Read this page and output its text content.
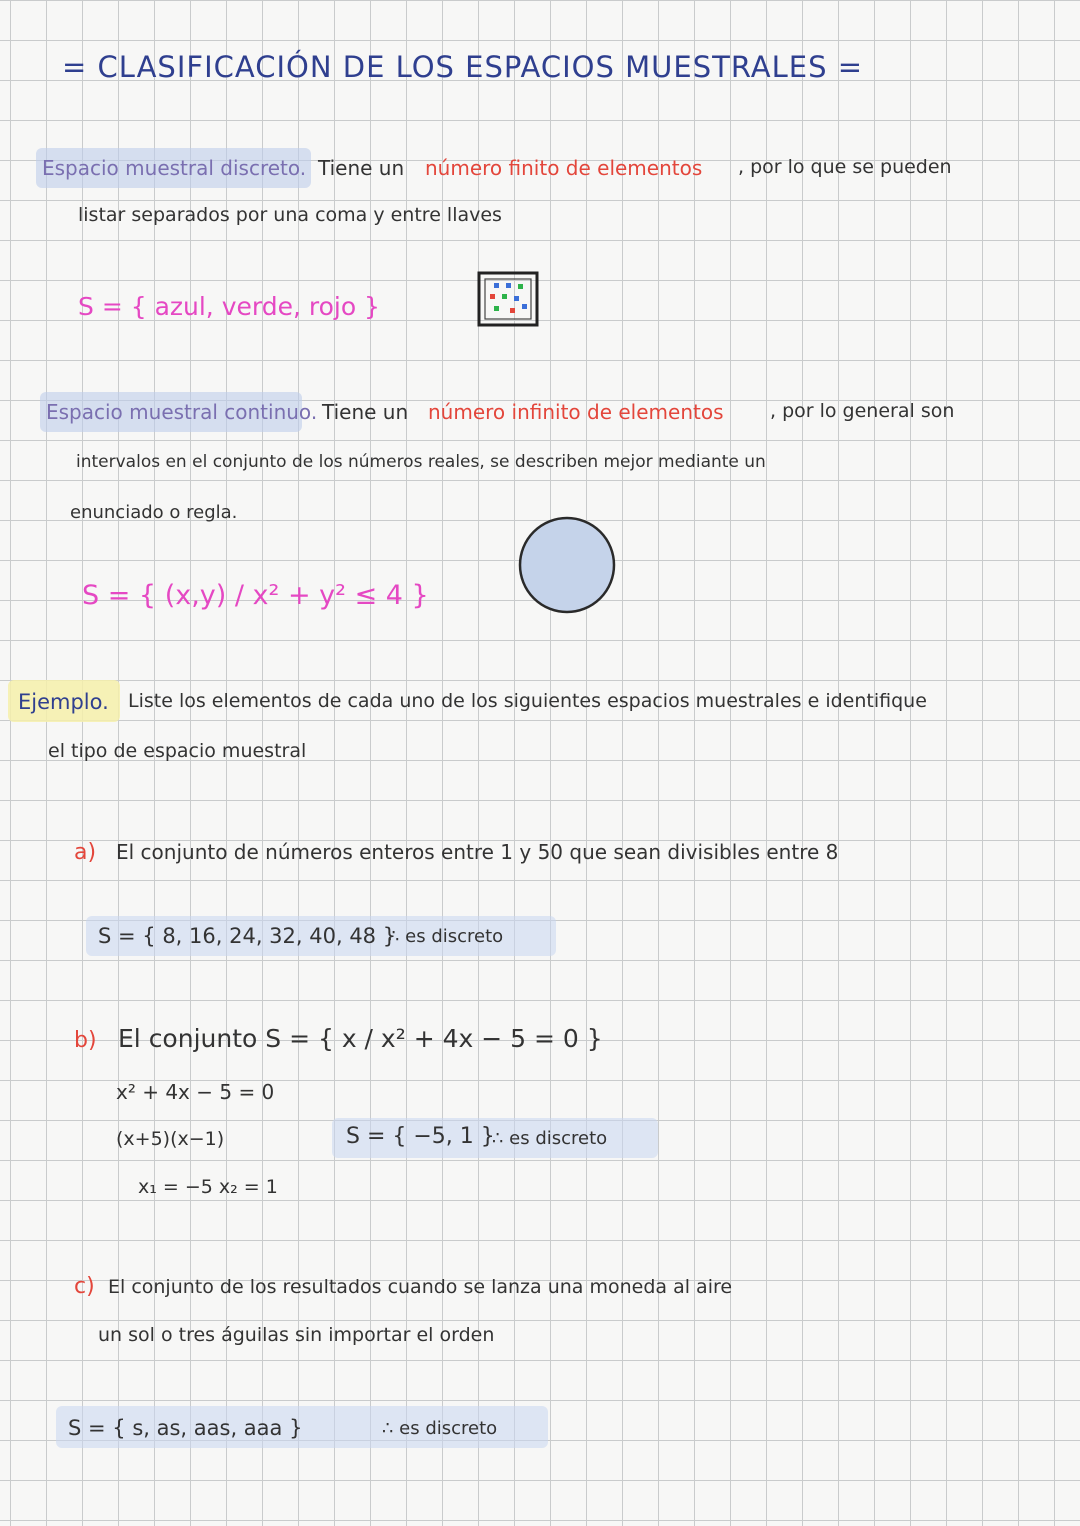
= CLASIFICACIÓN DE LOS ESPACIOS MUESTRALES =
Espacio muestral discreto. Tiene un número finito de elementos , por lo que se pueden
listar separados por una coma y entre llaves
S = { azul, verde, rojo }
Espacio muestral continuo. Tiene un número infinito de elementos , por lo general son
intervalos en el conjunto de los números reales, se describen mejor mediante un
enunciado o regla.
S = { (x,y) / x² + y² ≤ 4 }
Ejemplo. Liste los elementos de cada uno de los siguientes espacios muestrales e identifique
el tipo de espacio muestral
a) El conjunto de números enteros entre 1 y 50 que sean divisibles entre 8
S = { 8, 16, 24, 32, 40, 48 }
∴ es discreto
b) El conjunto S = { x / x² + 4x − 5 = 0 }
x² + 4x − 5 = 0
(x+5)(x−1)
x₁ = −5 x₂ = 1
S = { −5, 1 }
∴ es discreto
c) El conjunto de los resultados cuando se lanza una moneda al aire
un sol o tres águilas sin importar el orden
S = { s, as, aas, aaa }	∴ es discreto
